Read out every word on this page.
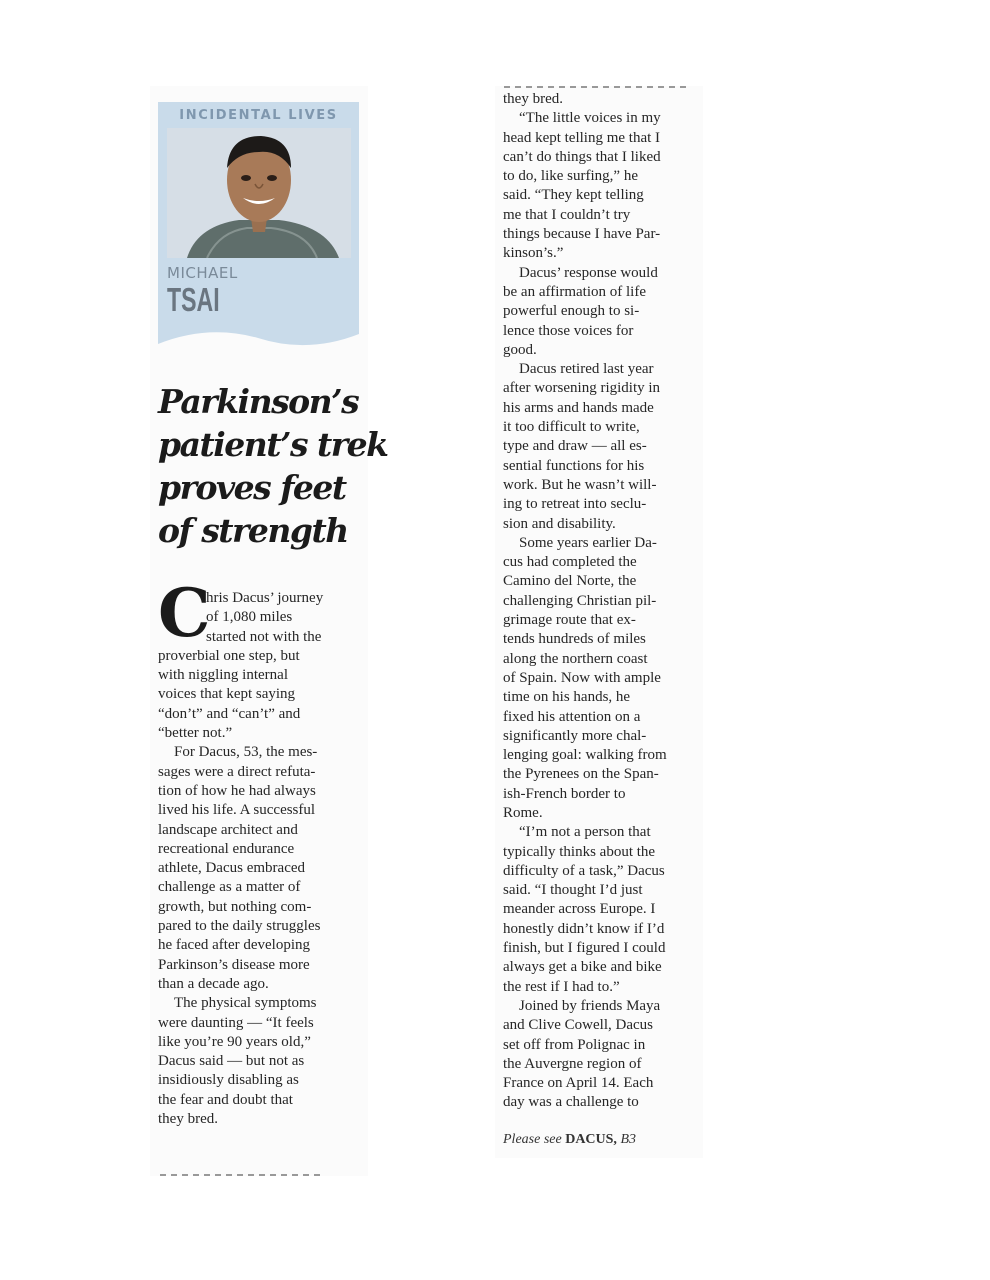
INCIDENTAL LIVES
MICHAEL
TSAI
Parkinson’s
patient’s trek
proves feet
of strength
C
hris Dacus’ journey
of 1,080 miles
started not with the
proverbial one step, but
with niggling internal
voices that kept saying
“don’t” and “can’t” and
“better not.”
For Dacus, 53, the mes-
sages were a direct refuta-
tion of how he had always
lived his life. A successful
landscape architect and
recreational endurance
athlete, Dacus embraced
challenge as a matter of
growth, but nothing com-
pared to the daily struggles
he faced after developing
Parkinson’s disease more
than a decade ago.
The physical symptoms
were daunting — “It feels
like you’re 90 years old,”
Dacus said — but not as
insidiously disabling as
the fear and doubt that
they bred.
they bred.
“The little voices in my
head kept telling me that I
can’t do things that I liked
to do, like surfing,” he
said. “They kept telling
me that I couldn’t try
things because I have Par-
kinson’s.”
Dacus’ response would
be an affirmation of life
powerful enough to si-
lence those voices for
good.
Dacus retired last year
after worsening rigidity in
his arms and hands made
it too difficult to write,
type and draw — all es-
sential functions for his
work. But he wasn’t will-
ing to retreat into seclu-
sion and disability.
Some years earlier Da-
cus had completed the
Camino del Norte, the
challenging Christian pil-
grimage route that ex-
tends hundreds of miles
along the northern coast
of Spain. Now with ample
time on his hands, he
fixed his attention on a
significantly more chal-
lenging goal: walking from
the Pyrenees on the Span-
ish-French border to
Rome.
“I’m not a person that
typically thinks about the
difficulty of a task,” Dacus
said. “I thought I’d just
meander across Europe. I
honestly didn’t know if I’d
finish, but I figured I could
always get a bike and bike
the rest if I had to.”
Joined by friends Maya
and Clive Cowell, Dacus
set off from Polignac in
the Auvergne region of
France on April 14. Each
day was a challenge to
Please see DACUS, B3
